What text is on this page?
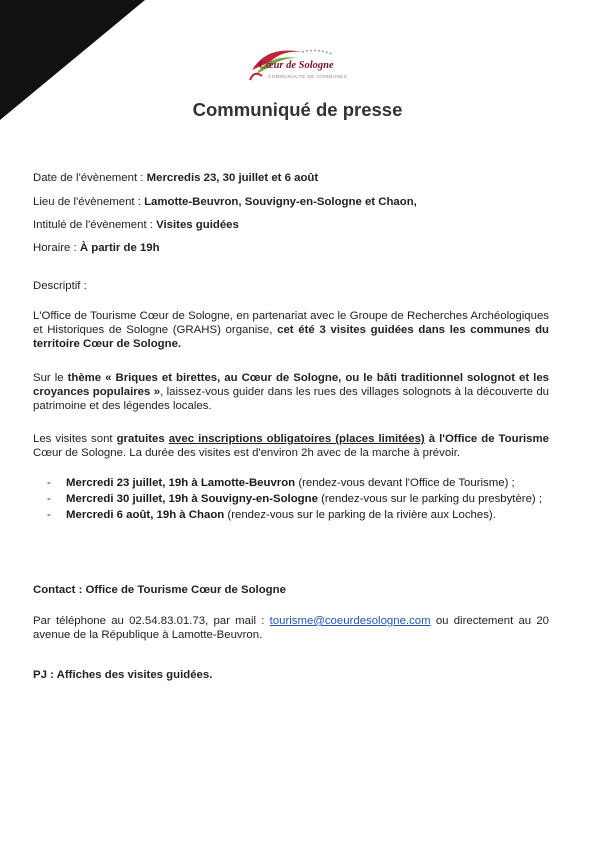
Cœur de Sologne
COMMUNAUTÉ DE COMMUNES
Communiqué de presse
Date de l'évènement : Mercredis 23, 30 juillet et 6 août
Lieu de l'évènement : Lamotte-Beuvron, Souvigny-en-Sologne et Chaon,
Intitulé de l'évènement : Visites guidées
Horaire : À partir de 19h
Descriptif :
L'Office de Tourisme Cœur de Sologne, en partenariat avec le Groupe de Recherches Archéologiques et Historiques de Sologne (GRAHS) organise, cet été 3 visites guidées dans les communes du territoire Cœur de Sologne.
Sur le thème « Briques et birettes, au Cœur de Sologne, ou le bâti traditionnel solognot et les croyances populaires », laissez-vous guider dans les rues des villages solognots à la découverte du patrimoine et des légendes locales.
Les visites sont gratuites avec inscriptions obligatoires (places limitées) à l'Office de Tourisme Cœur de Sologne. La durée des visites est d'environ 2h avec de la marche à prévoir.
- Mercredi 23 juillet, 19h à Lamotte-Beuvron (rendez-vous devant l'Office de Tourisme) ;
- Mercredi 30 juillet, 19h à Souvigny-en-Sologne (rendez-vous sur le parking du presbytère) ;
- Mercredi 6 août, 19h à Chaon (rendez-vous sur le parking de la rivière aux Loches).
Contact : Office de Tourisme Cœur de Sologne
Par téléphone au 02.54.83.01.73, par mail : tourisme@coeurdesologne.com ou directement au 20 avenue de la République à Lamotte-Beuvron.
PJ : Affiches des visites guidées.
